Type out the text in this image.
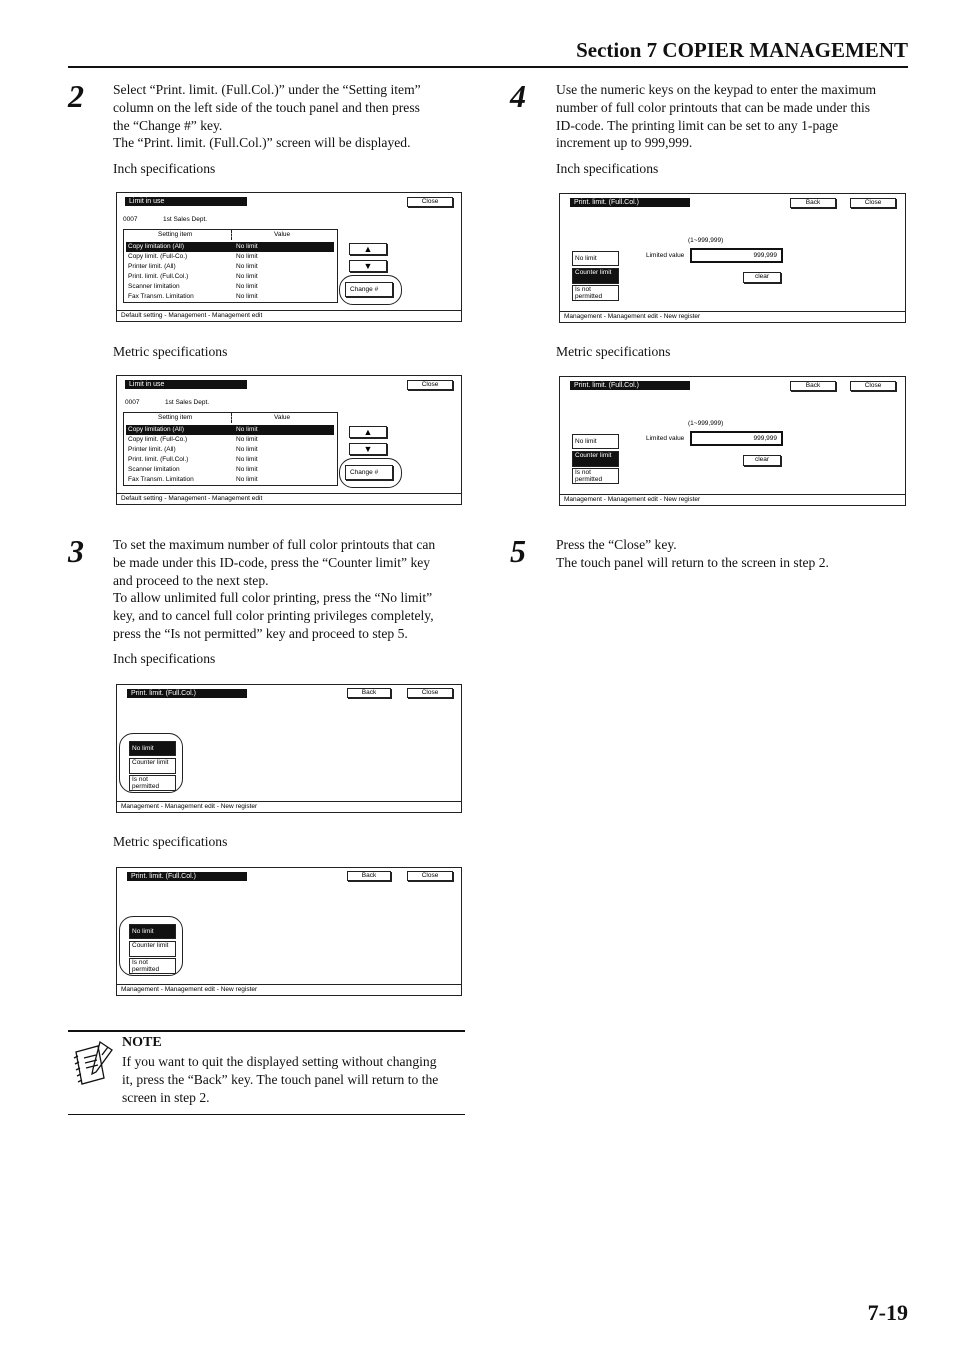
Section 7 COPIER MANAGEMENT
2 Select “Print. limit. (Full.Col.)” under the “Setting item”

column on the left side of the touch panel and then press

the “Change #” key.

The “Print. limit. (Full.Col.)” screen will be displayed.

Inch specifications
Limit in use	Close
0007	1st Sales Dept.
Setting item	Value
Copy limitation (All)	No limit
Copy limit. (Full-Co.)	No limit
Printer limit. (All)	No limit
Print. limit. (Full.Col.)	No limit
Scanner limitation	No limit
Fax Transm. Limitation	No limit
▲
▼
Change #
Default setting - Management - Management edit
Metric specifications
Limit in use	Close
0007	1st Sales Dept.
Setting item	Value
Copy limitation (All)	No limit
Copy limit. (Full-Co.)	No limit
Printer limit. (All)	No limit
Print. limit. (Full.Col.)	No limit
Scanner limitation	No limit
Fax Transm. Limitation	No limit
▲
▼
Change #
Default setting - Management - Management edit
3 To set the maximum number of full color printouts that can

be made under this ID-code, press the “Counter limit” key

and proceed to the next step.

To allow unlimited full color printing, press the “No limit”

key, and to cancel full color printing privileges completely,

press the “Is not permitted” key and proceed to step 5.

Inch specifications
Print. limit. (Full.Col.)	Back	Close
No limit
Counter limit
Is not permitted
Management - Management edit - New register
Metric specifications
Print. limit. (Full.Col.)	Back	Close
No limit
Counter limit
Is not permitted
Management - Management edit - New register
NOTE

If you want to quit the displayed setting without changing

it, press the “Back” key. The touch panel will return to the

screen in step 2.

4 Use the numeric keys on the keypad to enter the maximum

number of full color printouts that can be made under this

ID-code. The printing limit can be set to any 1-page

increment up to 999,999.

Inch specifications
Print. limit. (Full.Col.)	Back	Close
(1~999,999)
Limited value	999,999
clear
No limit
Counter limit
Is not permitted
Management - Management edit - New register
Metric specifications
Print. limit. (Full.Col.)	Back	Close
(1~999,999)
Limited value	999,999
clear
No limit
Counter limit
Is not permitted
Management - Management edit - New register
5 Press the “Close” key.

The touch panel will return to the screen in step 2.

7-19
